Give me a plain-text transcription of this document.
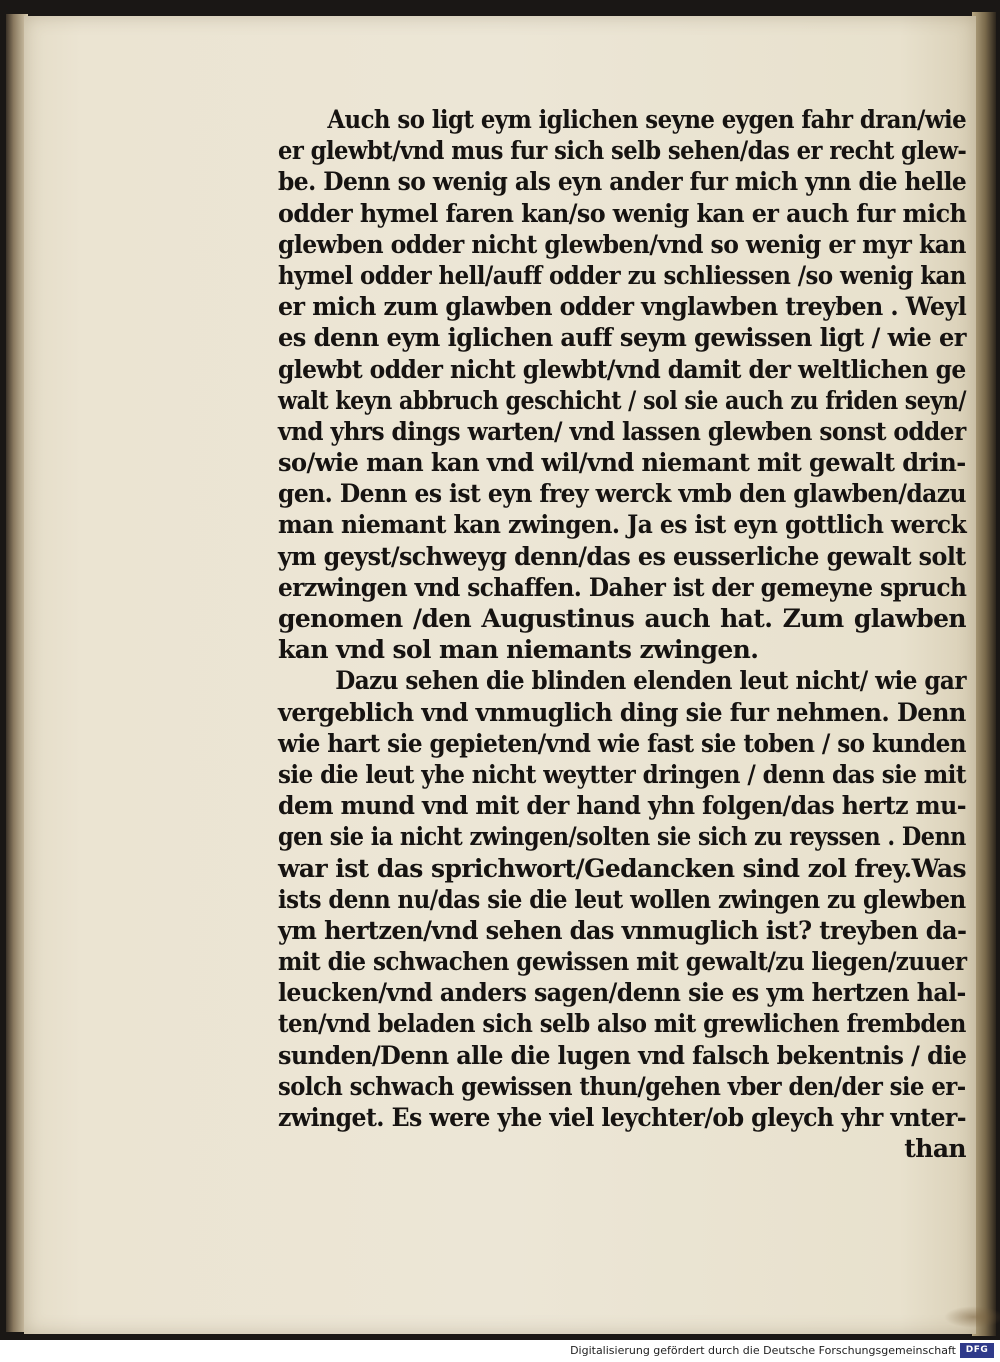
Auch so ligt eym iglichen seyne eygen fahr dran/wie
er glewbt/vnd mus fur sich selb sehen/das er recht glew-
be. Denn so wenig als eyn ander fur mich ynn die helle
odder hymel faren kan/so wenig kan er auch fur mich
glewben odder nicht glewben/vnd so wenig er myr kan
hymel odder hell/auff odder zu schliessen /so wenig kan
er mich zum glawben odder vnglawben treyben . Weyl
es denn eym iglichen auff seym gewissen ligt / wie er
glewbt odder nicht glewbt/vnd damit der weltlichen ge
walt keyn abbruch geschicht / sol sie auch zu friden seyn/
vnd yhrs dings warten/ vnd lassen glewben sonst odder
so/wie man kan vnd wil/vnd niemant mit gewalt drin-
gen. Denn es ist eyn frey werck vmb den glawben/dazu
man niemant kan zwingen. Ja es ist eyn gottlich werck
ym geyst/schweyg denn/das es eusserliche gewalt solt
erzwingen vnd schaffen. Daher ist der gemeyne spruch
genomen /den Augustinus auch hat. Zum glawben
kan vnd sol man niemants zwingen.
Dazu sehen die blinden elenden leut nicht/ wie gar
vergeblich vnd vnmuglich ding sie fur nehmen. Denn
wie hart sie gepieten/vnd wie fast sie toben / so kunden
sie die leut yhe nicht weytter dringen / denn das sie mit
dem mund vnd mit der hand yhn folgen/das hertz mu-
gen sie ia nicht zwingen/solten sie sich zu reyssen . Denn
war ist das sprichwort/Gedancken sind zol frey.Was
ists denn nu/das sie die leut wollen zwingen zu glewben
ym hertzen/vnd sehen das vnmuglich ist? treyben da-
mit die schwachen gewissen mit gewalt/zu liegen/zuuer
leucken/vnd anders sagen/denn sie es ym hertzen hal-
ten/vnd beladen sich selb also mit grewlichen frembden
sunden/Denn alle die lugen vnd falsch bekentnis / die
solch schwach gewissen thun/gehen vber den/der sie er-
zwinget. Es were yhe viel leychter/ob gleych yhr vnter-
than
Digitalisierung gefördert durch die Deutsche Forschungsgemeinschaft	DFG
